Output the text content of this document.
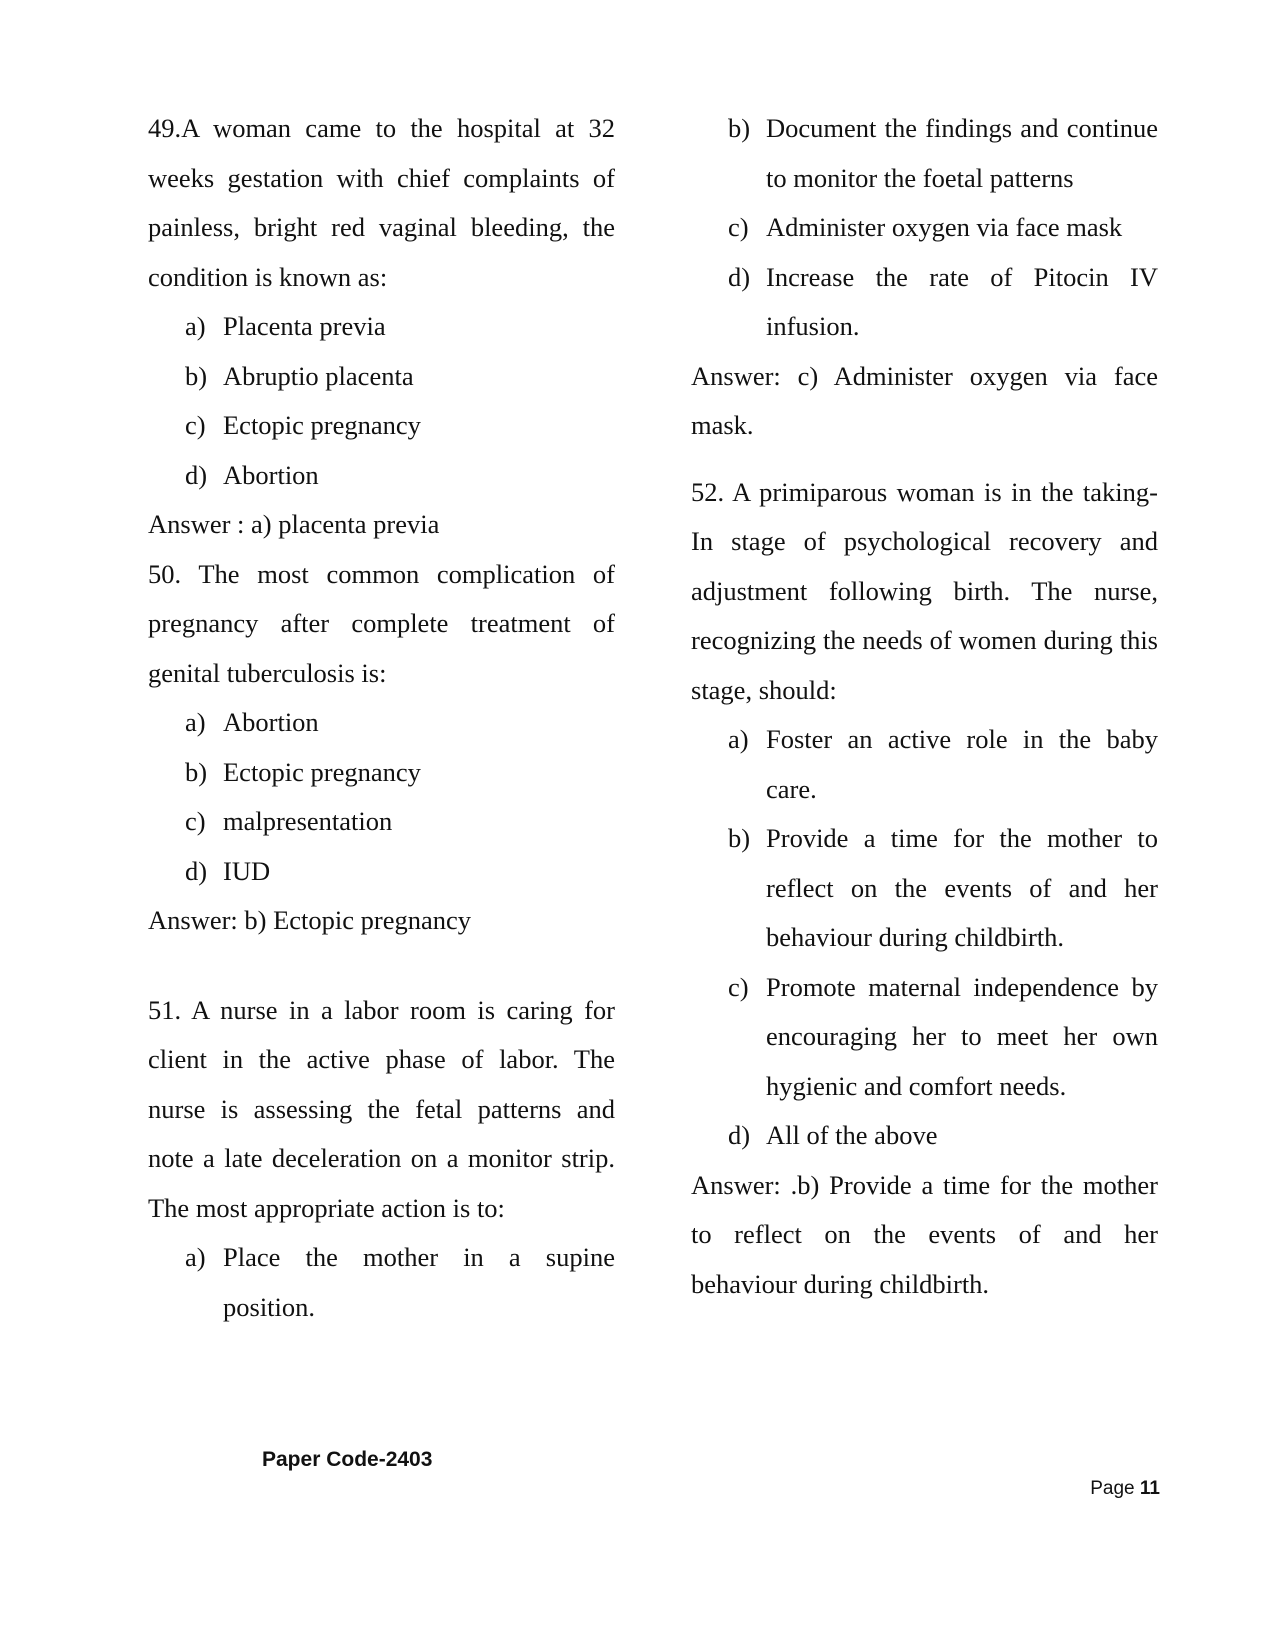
49.A woman came to the hospital at 32 weeks gestation with chief complaints of painless, bright red vaginal bleeding, the condition is known as:

a) Placenta previa
b) Abruptio placenta
c) Ectopic pregnancy
d) Abortion

Answer : a) placenta previa

50. The most common complication of pregnancy after complete treatment of genital tuberculosis is:

a) Abortion
b) Ectopic pregnancy
c) malpresentation
d) IUD

Answer: b) Ectopic pregnancy

51. A nurse in a labor room is caring for client in the active phase of labor. The nurse is assessing the fetal patterns and note a late deceleration on a monitor strip. The most appropriate action is to:

a) Place the mother in a supine position.
b) Document the findings and continue to monitor the foetal patterns
c) Administer oxygen via face mask
d) Increase the rate of Pitocin IV infusion.

Answer: c) Administer oxygen via face mask.

52. A primiparous woman is in the taking- In stage of psychological recovery and adjustment following birth. The nurse, recognizing the needs of women during this stage, should:

a) Foster an active role in the baby care.
b) Provide a time for the mother to reflect on the events of and her behaviour during childbirth.
c) Promote maternal independence by encouraging her to meet her own hygienic and comfort needs.
d) All of the above

Answer: .b) Provide a time for the mother to reflect on the events of and her behaviour during childbirth.

Paper Code-2403
Page 11
